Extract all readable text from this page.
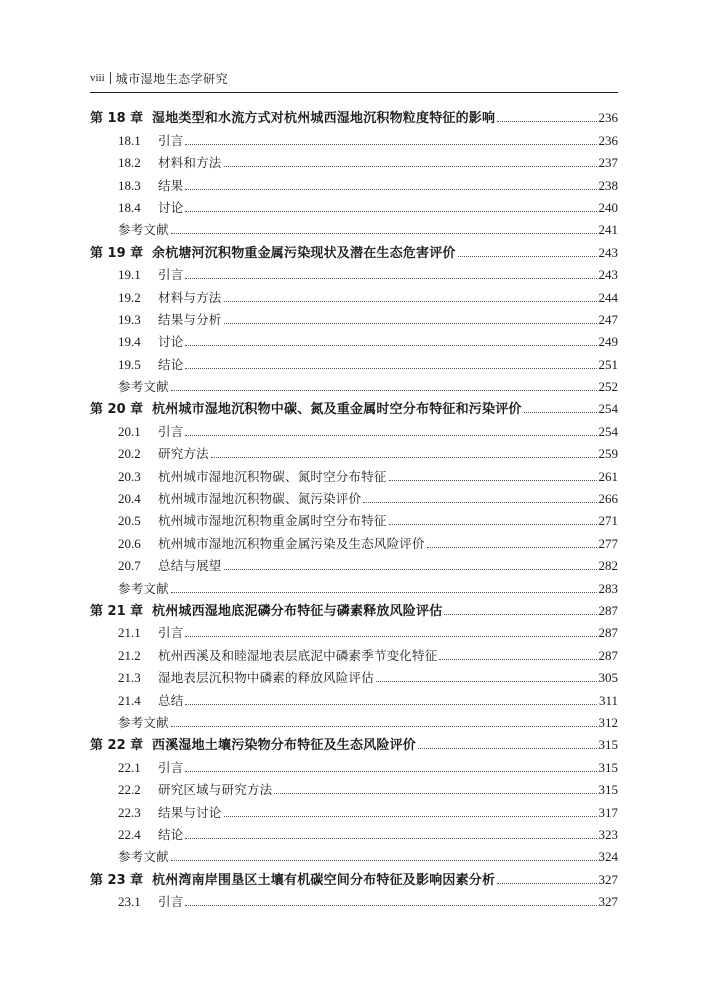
viii 城市湿地生态学研究
第 18 章 湿地类型和水流方式对杭州城西湿地沉积物粒度特征的影响	236
18.1	引言	236
18.2	材料和方法	237
18.3	结果	238
18.4	讨论	240
参考文献	241
第 19 章 余杭塘河沉积物重金属污染现状及潜在生态危害评价	243
19.1	引言	243
19.2	材料与方法	244
19.3	结果与分析	247
19.4	讨论	249
19.5	结论	251
参考文献	252
第 20 章 杭州城市湿地沉积物中碳、氮及重金属时空分布特征和污染评价	254
20.1	引言	254
20.2	研究方法	259
20.3	杭州城市湿地沉积物碳、氮时空分布特征	261
20.4	杭州城市湿地沉积物碳、氮污染评价	266
20.5	杭州城市湿地沉积物重金属时空分布特征	271
20.6	杭州城市湿地沉积物重金属污染及生态风险评价	277
20.7	总结与展望	282
参考文献	283
第 21 章 杭州城西湿地底泥磷分布特征与磷素释放风险评估	287
21.1	引言	287
21.2	杭州西溪及和睦湿地表层底泥中磷素季节变化特征	287
21.3	湿地表层沉积物中磷素的释放风险评估	305
21.4	总结	311
参考文献	312
第 22 章 西溪湿地土壤污染物分布特征及生态风险评价	315
22.1	引言	315
22.2	研究区域与研究方法	315
22.3	结果与讨论	317
22.4	结论	323
参考文献	324
第 23 章 杭州湾南岸围垦区土壤有机碳空间分布特征及影响因素分析	327
23.1	引言	327
